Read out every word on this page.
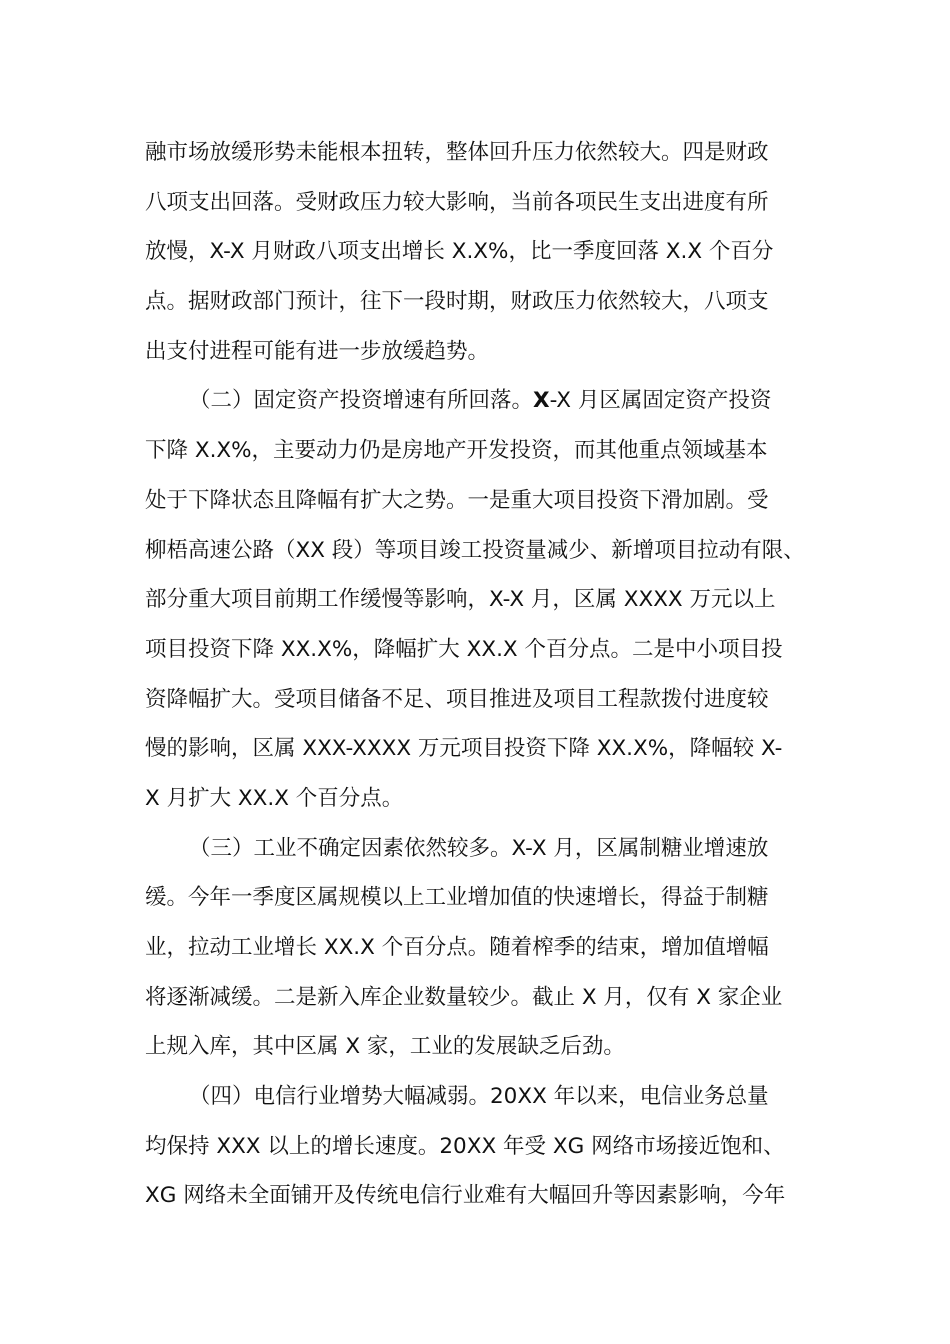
融市场放缓形势未能根本扭转，整体回升压力依然较大。四是财政
八项支出回落。受财政压力较大影响，当前各项民生支出进度有所
放慢，X-X 月财政八项支出增长 X.X%，比一季度回落 X.X 个百分
点。据财政部门预计，往下一段时期，财政压力依然较大，八项支
出支付进程可能有进一步放缓趋势。
（二）固定资产投资增速有所回落。X-X 月区属固定资产投资
下降 X.X%，主要动力仍是房地产开发投资，而其他重点领域基本
处于下降状态且降幅有扩大之势。一是重大项目投资下滑加剧。受
柳梧高速公路（XX 段）等项目竣工投资量减少、新增项目拉动有限、
部分重大项目前期工作缓慢等影响，X-X 月，区属 XXXX 万元以上
项目投资下降 XX.X%，降幅扩大 XX.X 个百分点。二是中小项目投
资降幅扩大。受项目储备不足、项目推进及项目工程款拨付进度较
慢的影响，区属 XXX-XXXX 万元项目投资下降 XX.X%，降幅较 X-
X 月扩大 XX.X 个百分点。
（三）工业不确定因素依然较多。X-X 月，区属制糖业增速放
缓。今年一季度区属规模以上工业增加值的快速增长，得益于制糖
业，拉动工业增长 XX.X 个百分点。随着榨季的结束，增加值增幅
将逐渐减缓。二是新入库企业数量较少。截止 X 月，仅有 X 家企业
上规入库，其中区属 X 家，工业的发展缺乏后劲。
（四）电信行业增势大幅减弱。20XX 年以来，电信业务总量
均保持 XXX 以上的增长速度。20XX 年受 XG 网络市场接近饱和、
XG 网络未全面铺开及传统电信行业难有大幅回升等因素影响，今年
